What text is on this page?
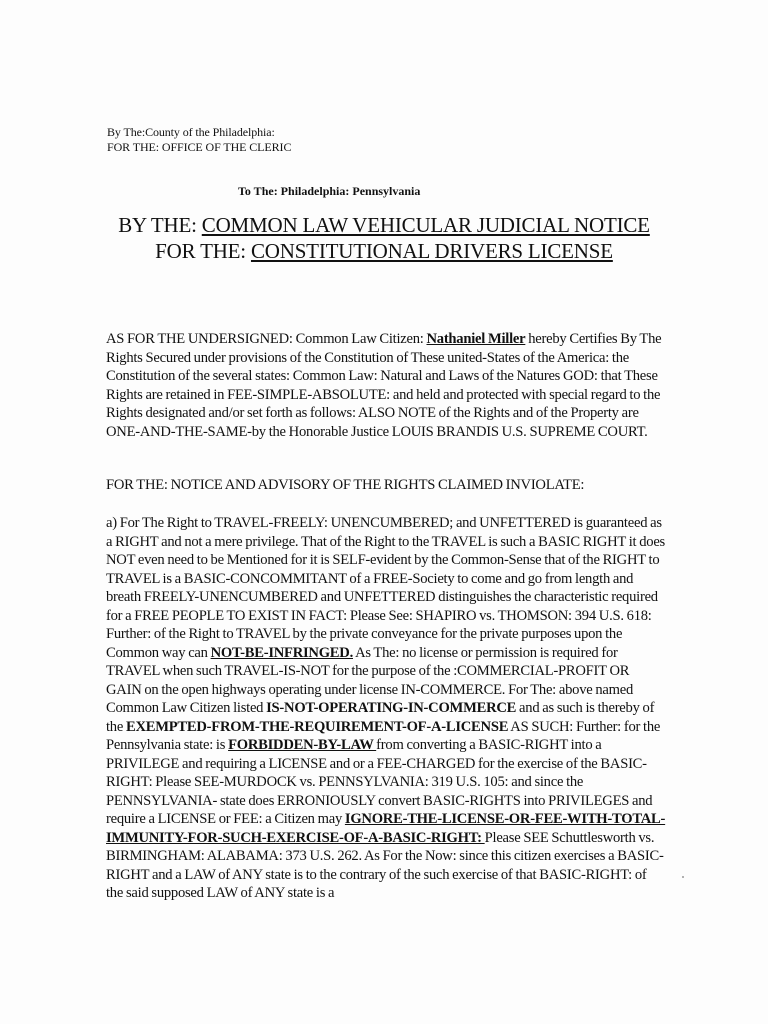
By The:County of the Philadelphia:
FOR THE: OFFICE OF THE CLERIC
To The: Philadelphia: Pennsylvania
BY THE: COMMON LAW VEHICULAR JUDICIAL NOTICE
FOR THE: CONSTITUTIONAL DRIVERS LICENSE
AS FOR THE UNDERSIGNED: Common Law Citizen: Nathaniel Miller hereby Certifies By The Rights Secured under provisions of the Constitution of These united-States of the America: the Constitution of the several states: Common Law: Natural and Laws of the Natures GOD: that These Rights are retained in FEE-SIMPLE-ABSOLUTE: and held and protected with special regard to the Rights designated and/or set forth as follows: ALSO NOTE of the Rights and of the Property are ONE-AND-THE-SAME-by the Honorable Justice LOUIS BRANDIS U.S. SUPREME COURT.
FOR THE: NOTICE AND ADVISORY OF THE RIGHTS CLAIMED INVIOLATE:
a) For The Right to TRAVEL-FREELY: UNENCUMBERED; and UNFETTERED is guaranteed as a RIGHT and not a mere privilege. That of the Right to the TRAVEL is such a BASIC RIGHT it does NOT even need to be Mentioned for it is SELF-evident by the Common-Sense that of the RIGHT to TRAVEL is a BASIC-CONCOMMITANT of a FREE-Society to come and go from length and breath FREELY-UNENCUMBERED and UNFETTERED distinguishes the characteristic required for a FREE PEOPLE TO EXIST IN FACT: Please See: SHAPIRO vs. THOMSON: 394 U.S. 618: Further: of the Right to TRAVEL by the private conveyance for the private purposes upon the Common way can NOT-BE-INFRINGED. As The: no license or permission is required for TRAVEL when such TRAVEL-IS-NOT for the purpose of the :COMMERCIAL-PROFIT OR GAIN on the open highways operating under license IN-COMMERCE. For The: above named Common Law Citizen listed IS-NOT-OPERATING-IN-COMMERCE and as such is thereby of the EXEMPTED-FROM-THE-REQUIREMENT-OF-A-LICENSE AS SUCH: Further: for the Pennsylvania state: is FORBIDDEN-BY-LAW from converting a BASIC-RIGHT into a PRIVILEGE and requiring a LICENSE and or a FEE-CHARGED for the exercise of the BASIC-RIGHT: Please SEE-MURDOCK vs. PENNSYLVANIA: 319 U.S. 105: and since the PENNSYLVANIA- state does ERRONIOUSLY convert BASIC-RIGHTS into PRIVILEGES and require a LICENSE or FEE: a Citizen may IGNORE-THE-LICENSE-OR-FEE-WITH-TOTAL-IMMUNITY-FOR-SUCH-EXERCISE-OF-A-BASIC-RIGHT: Please SEE Schuttlesworth vs. BIRMINGHAM: ALABAMA: 373 U.S. 262. As For the Now: since this citizen exercises a BASIC-RIGHT and a LAW of ANY state is to the contrary of the such exercise of that BASIC-RIGHT: of the said supposed LAW of ANY state is a
